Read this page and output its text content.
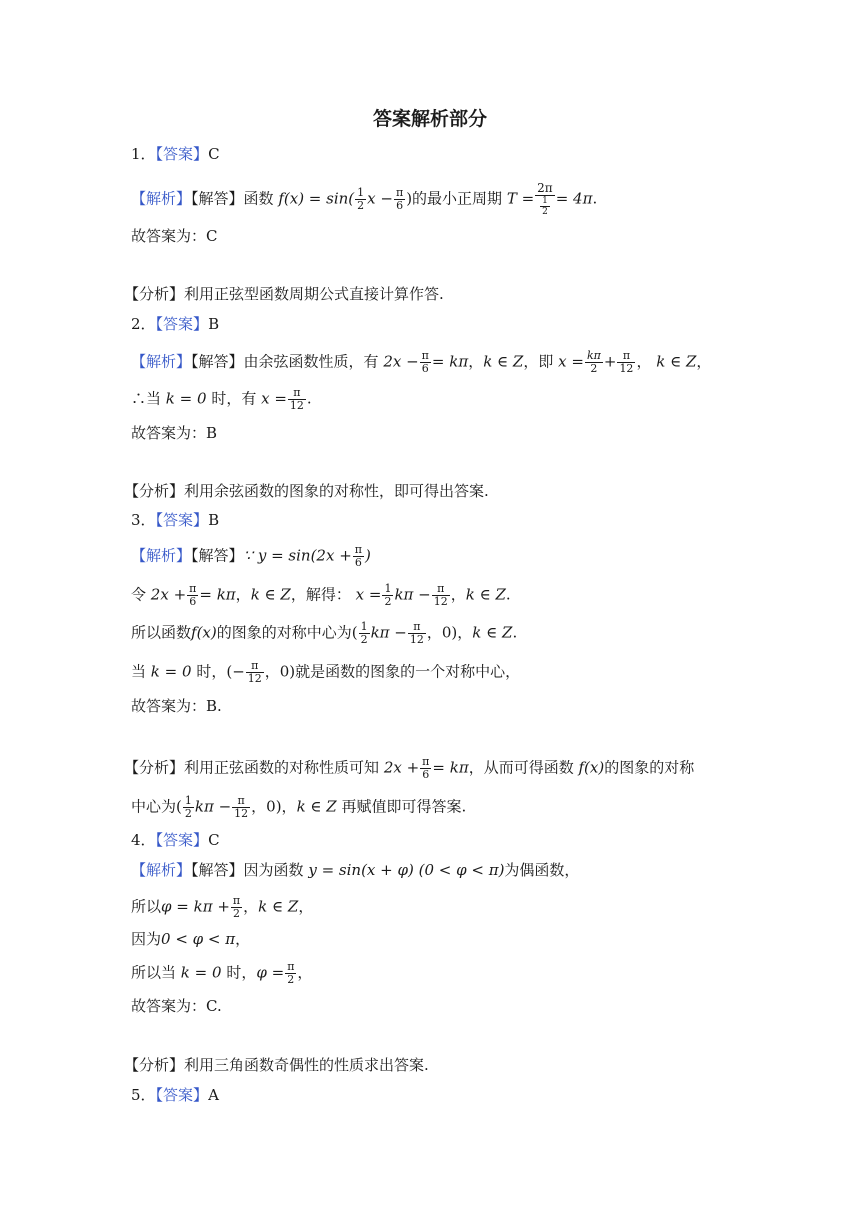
答案解析部分
1．【答案】C
【解析】【解答】函数 $f(x) = \sin( \frac{1}{2}$ $x - \frac{\pi}{6}$ )的最小正周期 $T = \frac{2\pi}{\frac{1}{2}} = 4\pi$.
故答案为：C
【分析】利用正弦型函数周期公式直接计算作答.
2．【答案】B
【解析】【解答】由余弦函数性质，有 $2x - \frac{\pi}{6} = k\pi$，k ∈ Z，即 $x = \frac{k\pi}{2} + \frac{\pi}{12}$ ， k ∈ Z，
∴当 k = 0 时，有 $x = \frac{\pi}{12}$ .
故答案为：B
【分析】利用余弦函数的图象的对称性，即可得出答案.
3．【答案】B
【解析】【解答】∵ $y = \sin(2x + \frac{\pi}{6}$ )
令 $2x + \frac{\pi}{6} = k\pi$，k ∈ Z，解得： $x = \frac{1}{2}$ $k\pi - \frac{\pi}{12}$ ，k ∈ Z.
所以函数f(x)的图象的对称中心为( $\frac{1}{2}$ $k\pi - \frac{\pi}{12}$ ，0)，k ∈ Z.
当 k = 0 时，(− $\frac{\pi}{12}$ ，0)就是函数的图象的一个对称中心，
故答案为：B.
【分析】利用正弦函数的对称性质可知 $2x + \frac{\pi}{6} = k\pi$，从而可得函数 f(x)的图象的对称
中心为( $\frac{1}{2}$ $k\pi - \frac{\pi}{12}$ ，0)，k ∈ Z 再赋值即可得答案.
4．【答案】C
【解析】【解答】因为函数 y = sin(x + φ) (0 < φ < π)为偶函数，
所以$\varphi = k\pi + \frac{\pi}{2}$ ，k ∈ Z，
因为0 < φ < π，
所以当 k = 0 时，$\varphi = \frac{\pi}{2}$ ，
故答案为：C.
【分析】利用三角函数奇偶性的性质求出答案.
5．【答案】A
